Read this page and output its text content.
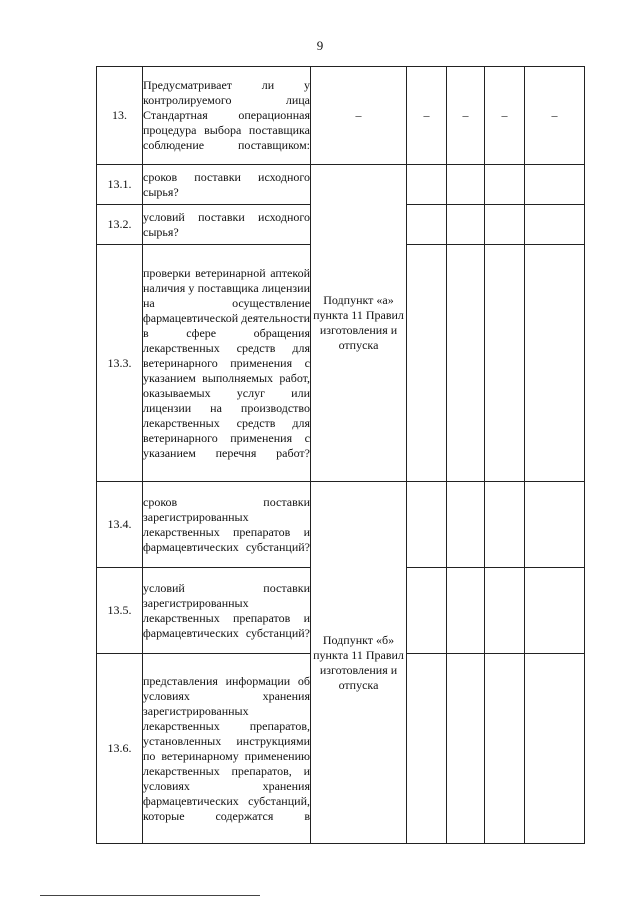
9
13.	Предусматривает ли у контролируемого лица Стандартная операционная процедура выбора поставщика соблюдение поставщиком:	–	–	–	–	–
13.1.	сроков поставки исходного сырья?	Подпункт «а» пункта 11 Правил изготовления и отпуска				
13.2.	условий поставки исходного сырья?					
13.3.	проверки ветеринарной аптекой наличия у поставщика лицензии на осуществление фармацевтической деятельности в сфере обращения лекарственных средств для ветеринарного применения с указанием выполняемых работ, оказываемых услуг или лицензии на производство лекарственных средств для ветеринарного применения с указанием перечня работ?					
13.4.	сроков поставки зарегистрированных лекарственных препаратов и фармацевтических субстанций?	Подпункт «б» пункта 11 Правил изготовления и отпуска				
13.5.	условий поставки зарегистрированных лекарственных препаратов и фармацевтических субстанций?					
13.6.	представления информации об условиях хранения зарегистрированных лекарственных препаратов, установленных инструкциями по ветеринарному применению лекарственных препаратов, и условиях хранения фармацевтических субстанций, которые содержатся в					
